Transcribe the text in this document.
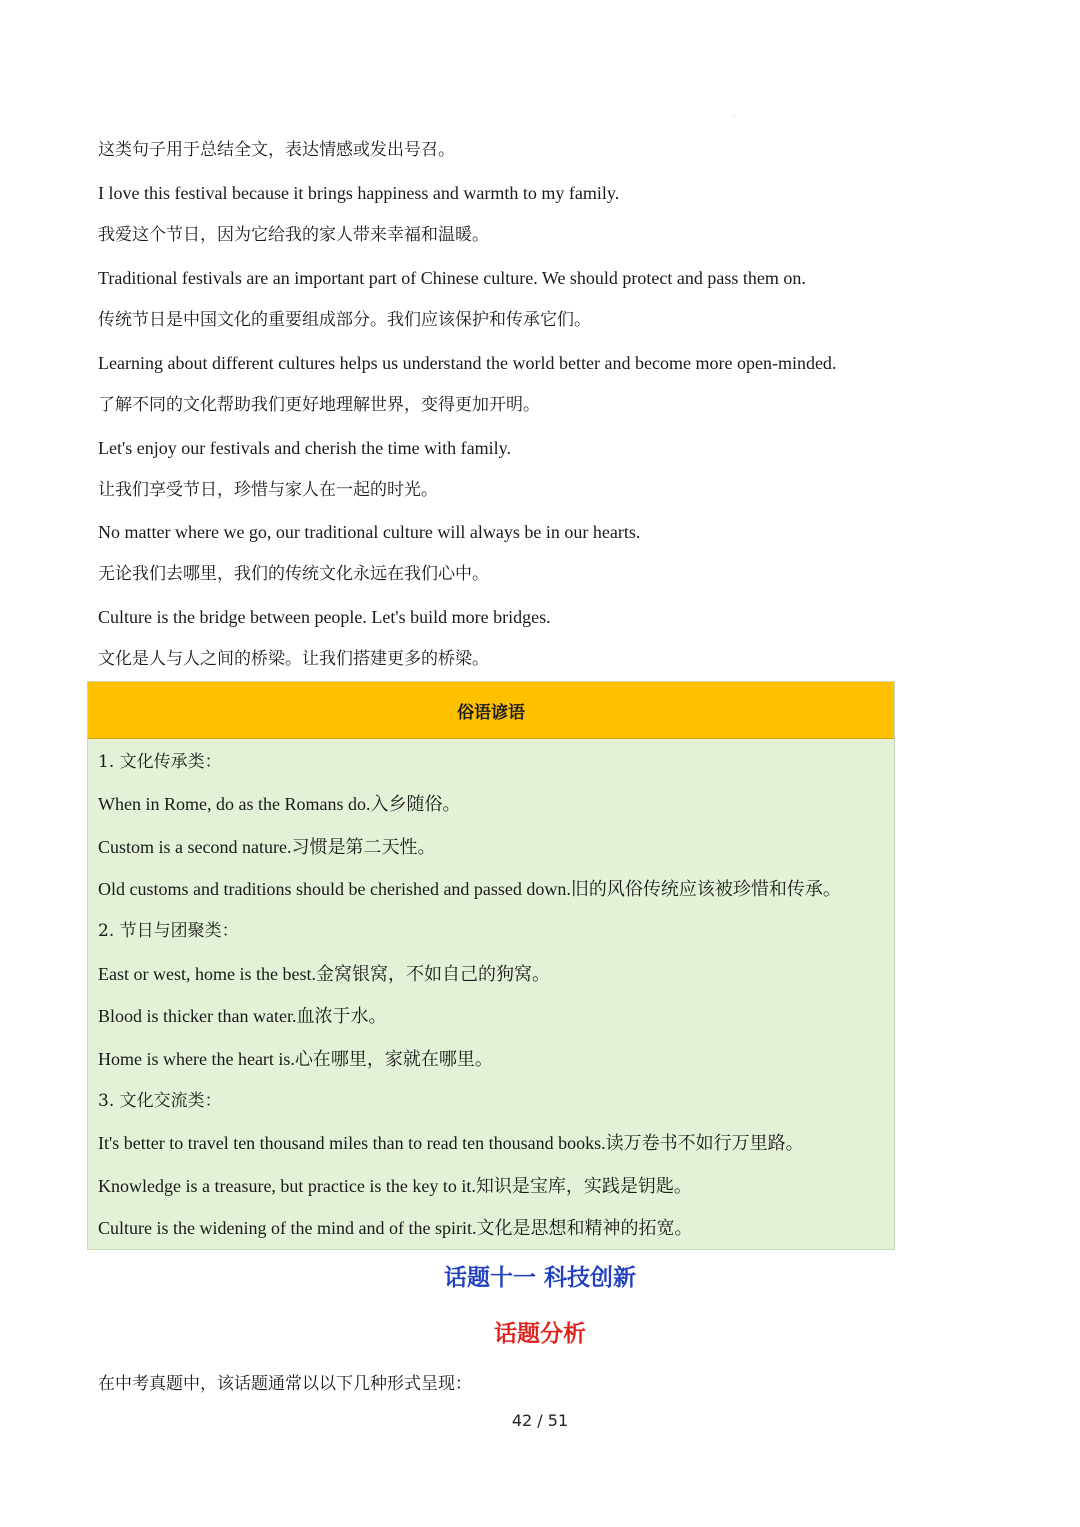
,
这类句子用于总结全文，表达情感或发出号召。
I love this festival because it brings happiness and warmth to my family.
我爱这个节日，因为它给我的家人带来幸福和温暖。
Traditional festivals are an important part of Chinese culture. We should protect and pass them on.
传统节日是中国文化的重要组成部分。我们应该保护和传承它们。
Learning about different cultures helps us understand the world better and become more open-minded.
了解不同的文化帮助我们更好地理解世界，变得更加开明。
Let's enjoy our festivals and cherish the time with family.
让我们享受节日，珍惜与家人在一起的时光。
No matter where we go, our traditional culture will always be in our hearts.
无论我们去哪里，我们的传统文化永远在我们心中。
Culture is the bridge between people. Let's build more bridges.
文化是人与人之间的桥梁。让我们搭建更多的桥梁。
俗语谚语
1. 文化传承类：
When in Rome, do as the Romans do.入乡随俗。
Custom is a second nature.习惯是第二天性。
Old customs and traditions should be cherished and passed down.旧的风俗传统应该被珍惜和传承。
2. 节日与团聚类：
East or west, home is the best.金窝银窝，不如自己的狗窝。
Blood is thicker than water.血浓于水。
Home is where the heart is.心在哪里，家就在哪里。
3. 文化交流类：
It's better to travel ten thousand miles than to read ten thousand books.读万卷书不如行万里路。
Knowledge is a treasure, but practice is the key to it.知识是宝库，实践是钥匙。
Culture is the widening of the mind and of the spirit.文化是思想和精神的拓宽。
话题十一 科技创新
话题分析
在中考真题中，该话题通常以以下几种形式呈现：
42 / 51
